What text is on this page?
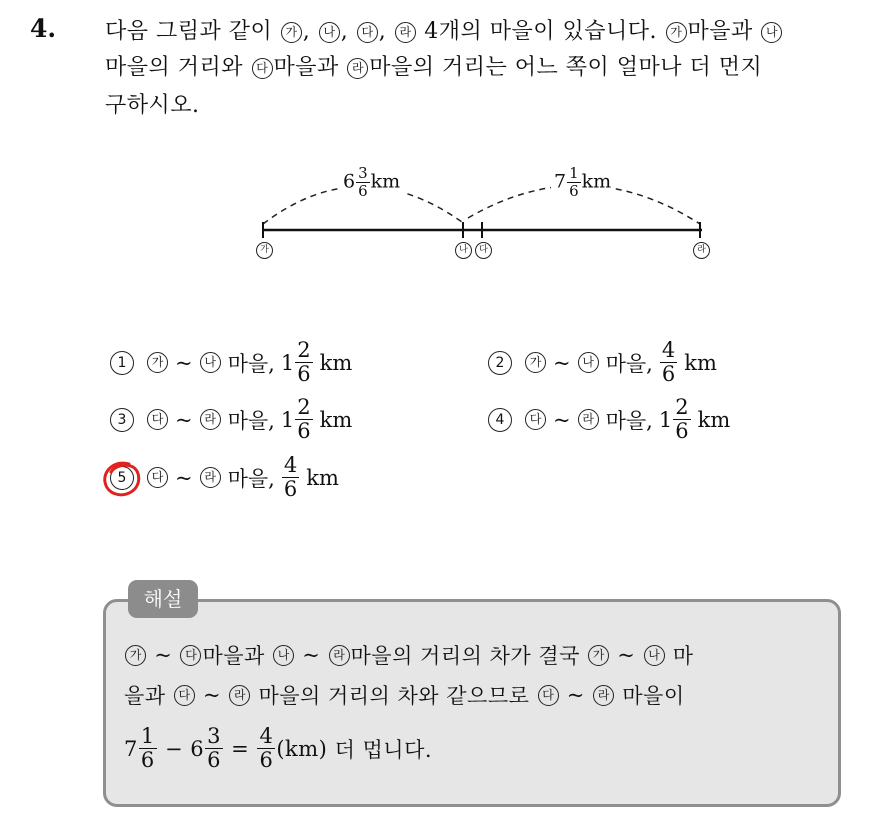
4. 다음 그림과 같이 가 , 나 , 다 , 라 4개의 마을이 있습니다. 가 마을과 나
마을의 거리와 다 마을과 라 마을의 거리는 어느 쪽이 얼마나 더 먼지
구하시오.
$6 \frac{3}{6}$ km	$7 \frac{1}{6}$ km
가	나	다	라
1	가 ~ 나 마을, $1 \frac{2}{6}$ km	2	가 ~ 나 마을, $\frac{4}{6}$ km
3	다 ~ 라 마을, $1 \frac{2}{6}$ km	4	다 ~ 라 마을, $1 \frac{2}{6}$ km
5	다 ~ 라 마을, $\frac{4}{6}$ km
해설
가
~
	다 마을과
	나
~
	라 마을의 거리의 차가 결국
	가
~
	나
마
을과
	다
~
	라
마을의 거리의 차와 같으므로
	다
~
	라
마을이
$7 \frac{1}{6}$
−
$6 \frac{3}{6}$
=
$\frac{4}{6} (km)$
더 멉니다.
